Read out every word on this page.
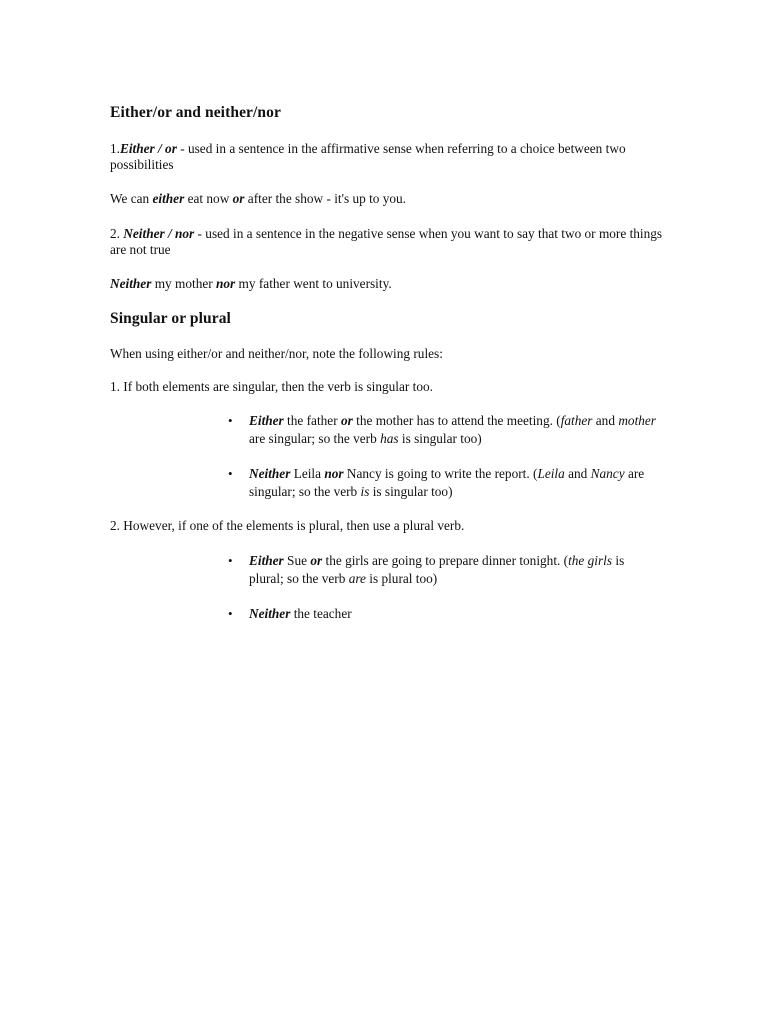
Either/or and neither/nor
1.Either / or - used in a sentence in the affirmative sense when referring to a choice between two possibilities
We can either eat now or after the show - it's up to you.
2. Neither / nor - used in a sentence in the negative sense when you want to say that two or more things are not true
Neither my mother nor my father went to university.
Singular or plural
When using either/or and neither/nor, note the following rules:
1. If both elements are singular, then the verb is singular too.
• Either the father or the mother has to attend the meeting. (father and mother are singular; so the verb has is singular too)
• Neither Leila nor Nancy is going to write the report. (Leila and Nancy are singular; so the verb is is singular too)
2. However, if one of the elements is plural, then use a plural verb.
• Either Sue or the girls are going to prepare dinner tonight. (the girls is plural; so the verb are is plural too)
• Neither the teacher
